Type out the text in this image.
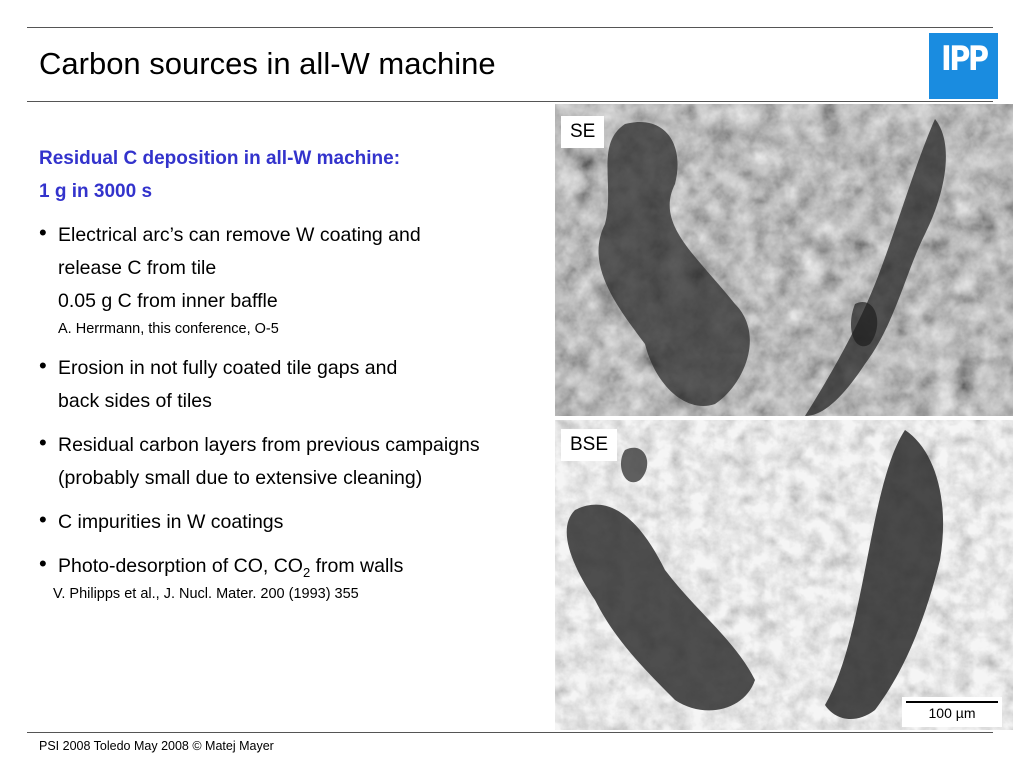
Carbon sources in all-W machine	IPP
Residual C deposition in all-W machine:
1 g in 3000 s
• Electrical arc’s can remove W coating and
release C from tile
0.05 g C from inner baffle
A. Herrmann, this conference, O-5
• Erosion in not fully coated tile gaps and
back sides of tiles
• Residual carbon layers from previous campaigns
(probably small due to extensive cleaning)
• C impurities in W coatings
• Photo-desorption of CO, $CO_2$ from walls
V. Philipps et al., J. Nucl. Mater. 200 (1993) 355
SE
BSE
100 µm
PSI 2008 Toledo May 2008 © Matej Mayer
